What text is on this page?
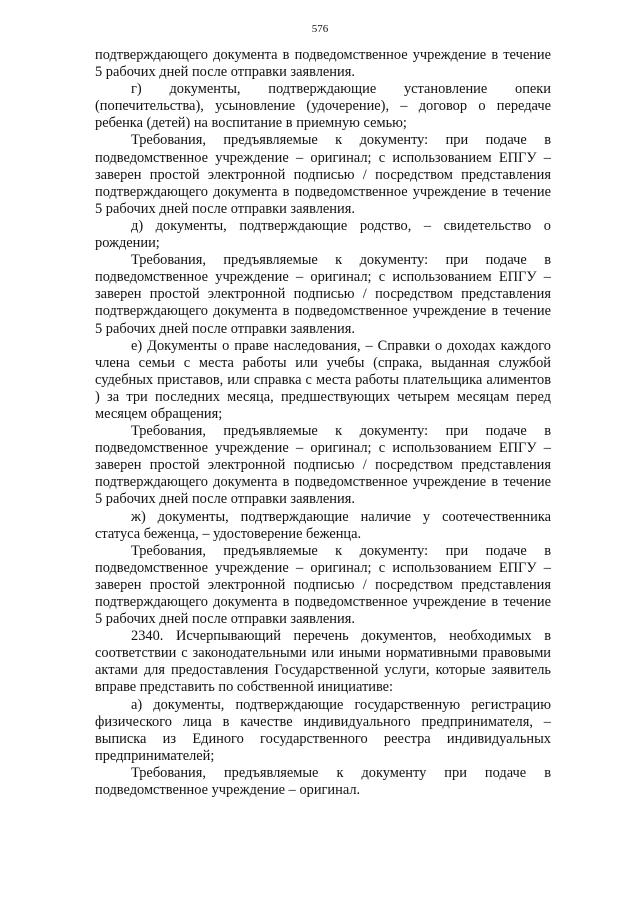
576

подтверждающего документа в подведомственное учреждение в течение 5 рабочих дней после отправки заявления.

г) документы, подтверждающие установление опеки (попечительства), усыновление (удочерение), – договор о передаче ребенка (детей) на воспитание в приемную семью;

Требования, предъявляемые к документу: при подаче в подведомственное учреждение – оригинал; с использованием ЕПГУ – заверен простой электронной подписью / посредством представления подтверждающего документа в подведомственное учреждение в течение 5 рабочих дней после отправки заявления.

д) документы, подтверждающие родство, – свидетельство о рождении;

Требования, предъявляемые к документу: при подаче в подведомственное учреждение – оригинал; с использованием ЕПГУ – заверен простой электронной подписью / посредством представления подтверждающего документа в подведомственное учреждение в течение 5 рабочих дней после отправки заявления.

е) Документы о праве наследования, – Справки о доходах каждого члена семьи с места работы или учебы (спрака, выданная службой судебных приставов, или справка с места работы плательщика алиментов ) за три последних месяца, предшествующих четырем месяцам перед месяцем обращения;

Требования, предъявляемые к документу: при подаче в подведомственное учреждение – оригинал; с использованием ЕПГУ – заверен простой электронной подписью / посредством представления подтверждающего документа в подведомственное учреждение в течение 5 рабочих дней после отправки заявления.

ж) документы, подтверждающие наличие у соотечественника статуса беженца, – удостоверение беженца.

Требования, предъявляемые к документу: при подаче в подведомственное учреждение – оригинал; с использованием ЕПГУ – заверен простой электронной подписью / посредством представления подтверждающего документа в подведомственное учреждение в течение 5 рабочих дней после отправки заявления.

2340. Исчерпывающий перечень документов, необходимых в соответствии с законодательными или иными нормативными правовыми актами для предоставления Государственной услуги, которые заявитель вправе представить по собственной инициативе:

а) документы, подтверждающие государственную регистрацию физического лица в качестве индивидуального предпринимателя, – выписка из Единого государственного реестра индивидуальных предпринимателей;

Требования, предъявляемые к документу при подаче в подведомственное учреждение – оригинал.
